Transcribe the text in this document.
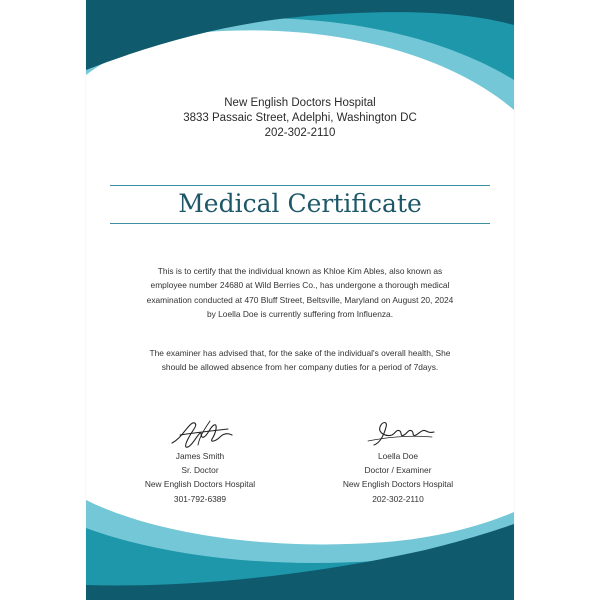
New English Doctors Hospital
3833 Passaic Street, Adelphi, Washington DC
202-302-2110
Medical Certificate
This is to certify that the individual known as Khloe Kim Ables, also known as
employee number 24680 at Wild Berries Co., has undergone a thorough medical
examination conducted at 470 Bluff Street, Beltsville, Maryland on August 20, 2024
by Loella Doe is currently suffering from Influenza.
The examiner has advised that, for the sake of the individual's overall health, She
should be allowed absence from her company duties for a period of 7days.
James Smith
Sr. Doctor
New English Doctors Hospital
301-792-6389
Loella Doe
Doctor / Examiner
New English Doctors Hospital
202-302-2110
